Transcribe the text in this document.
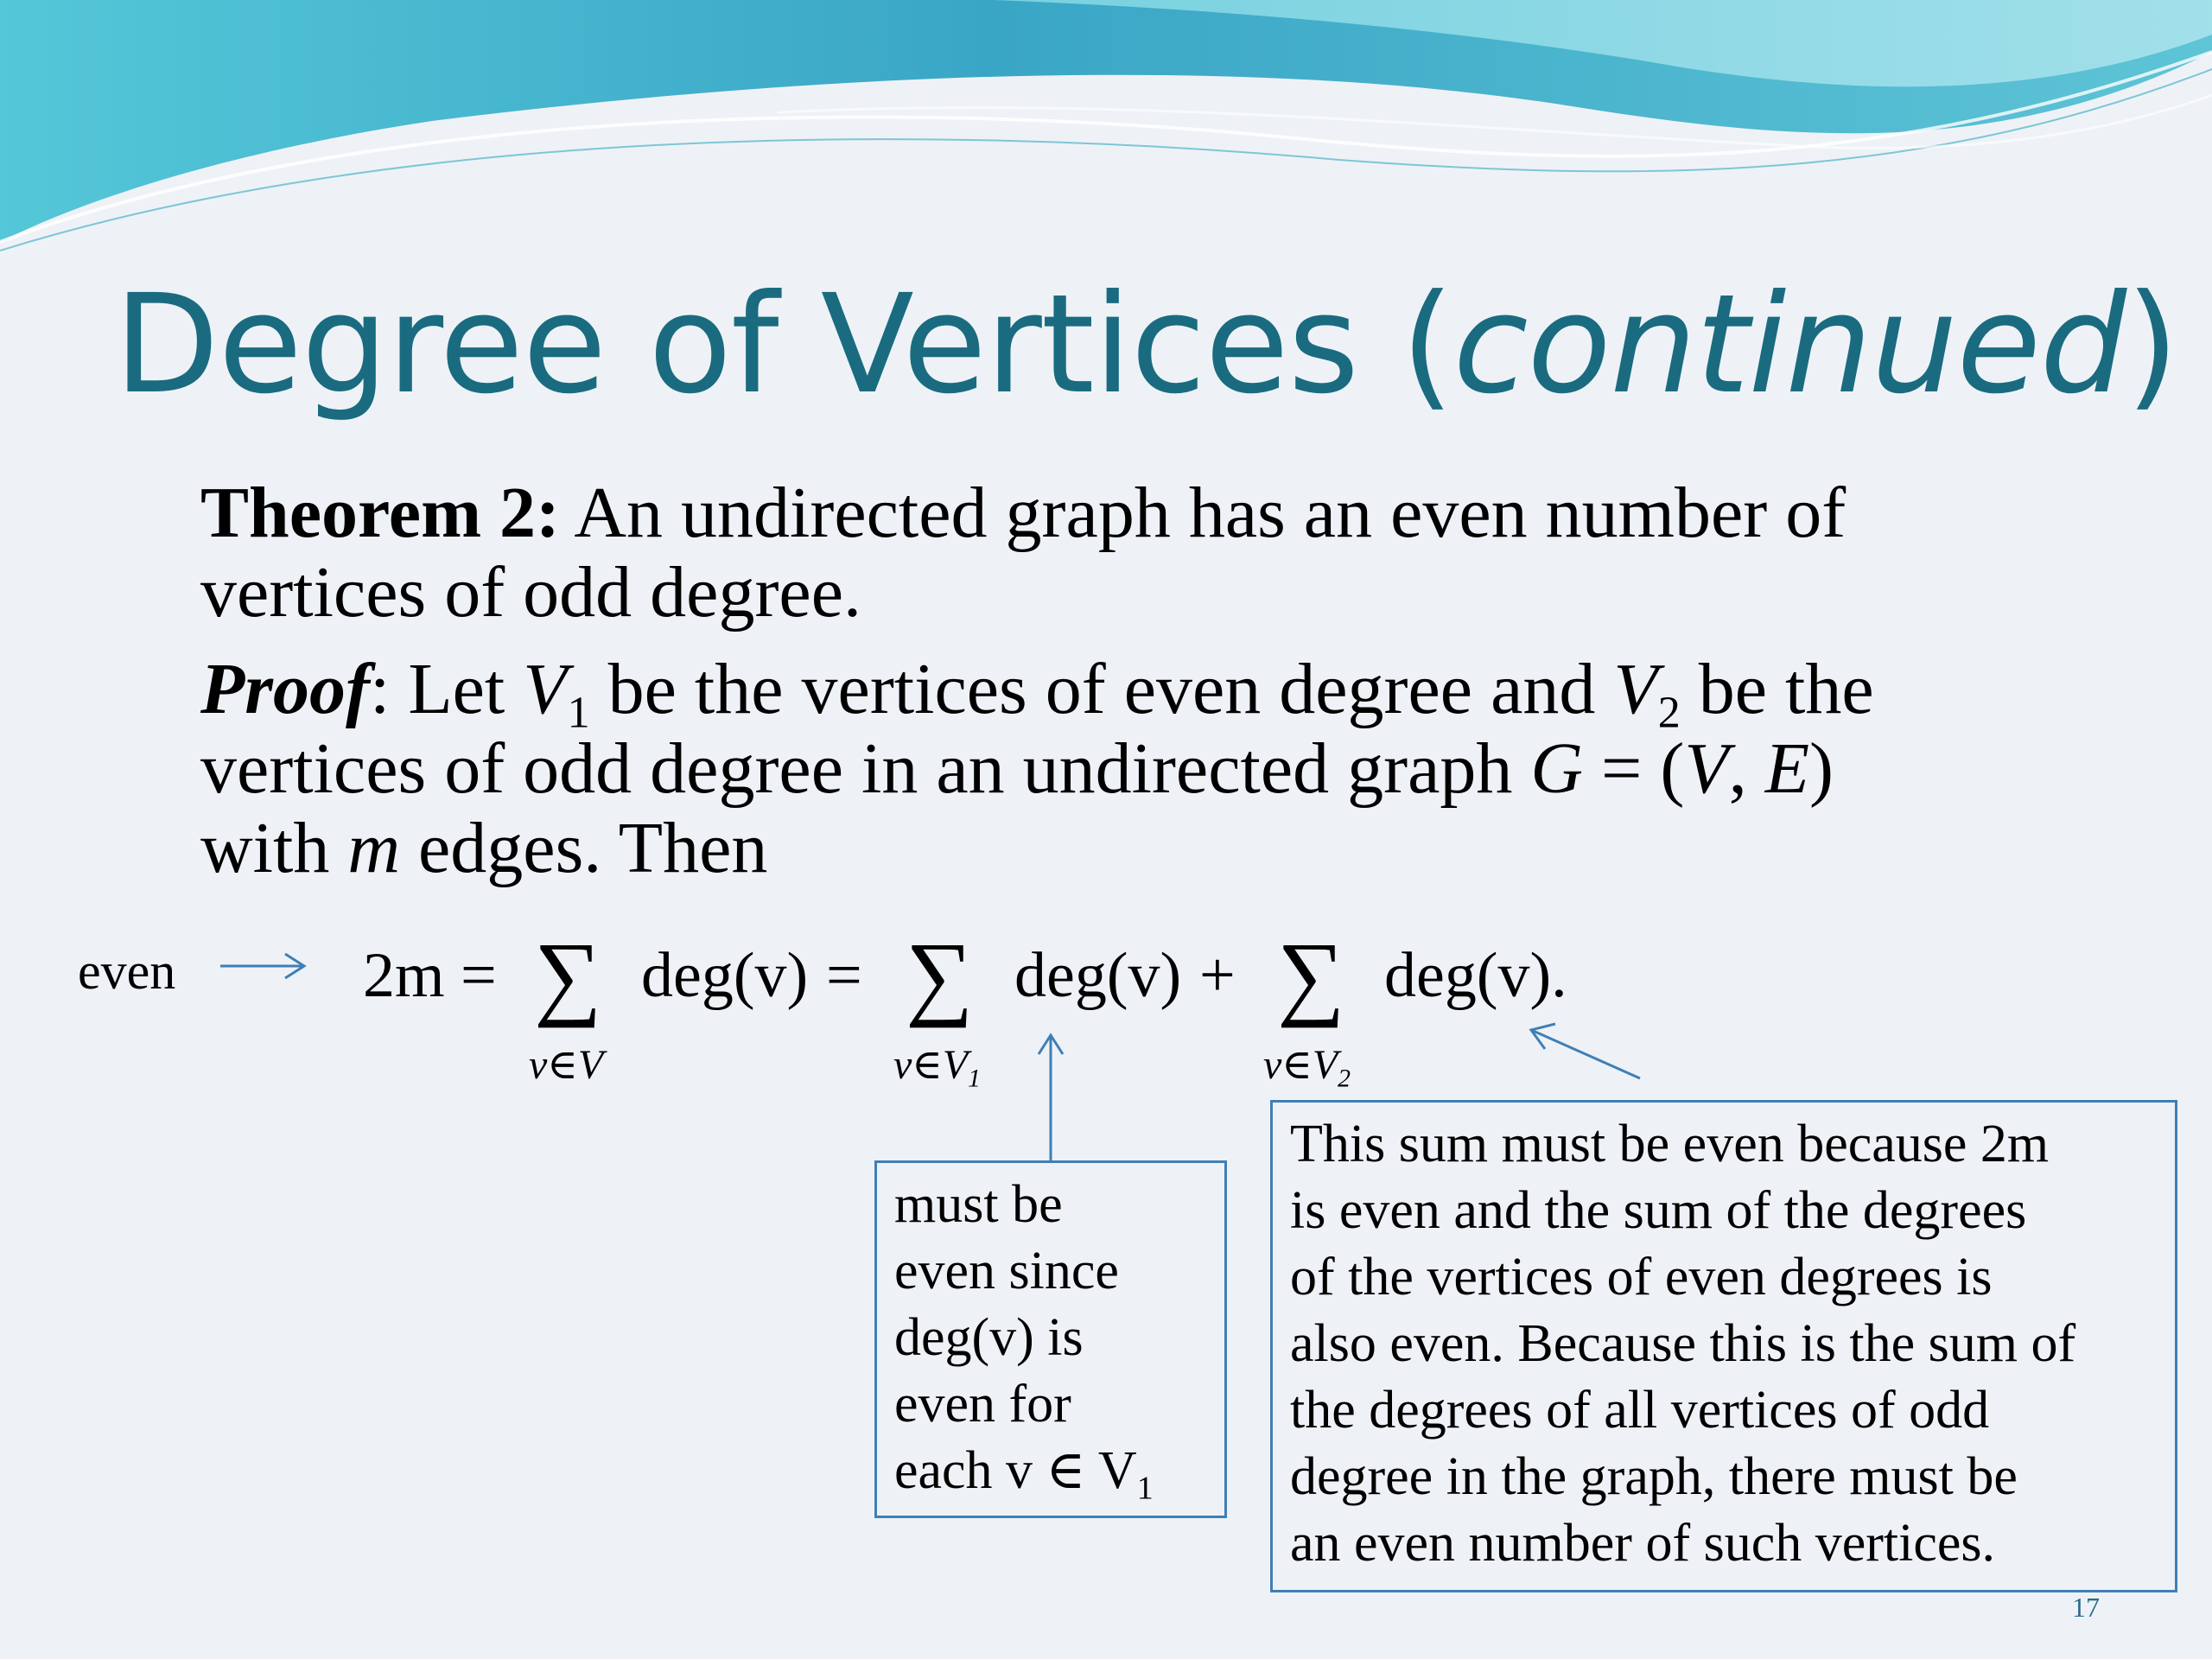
Degree of Vertices (continued)
Theorem 2: An undirected graph has an even number of
vertices of odd degree.
Proof: Let $V_1$ be the vertices of even degree and $V_2$ be the
vertices of odd degree in an undirected graph G = (V, E)
with m edges. Then
even	2m = ∑
v∈V
deg(v) = ∑
$v\in V_1$
deg(v) + ∑
$v\in V_2$
deg(v).
must be
even since
deg(v) is
even for
each v ∈ $V_1$
This sum must be even because 2m
is even and the sum of the degrees
of the vertices of even degrees is
also even. Because this is the sum of
the degrees of all vertices of odd
degree in the graph, there must be
an even number of such vertices.
17
